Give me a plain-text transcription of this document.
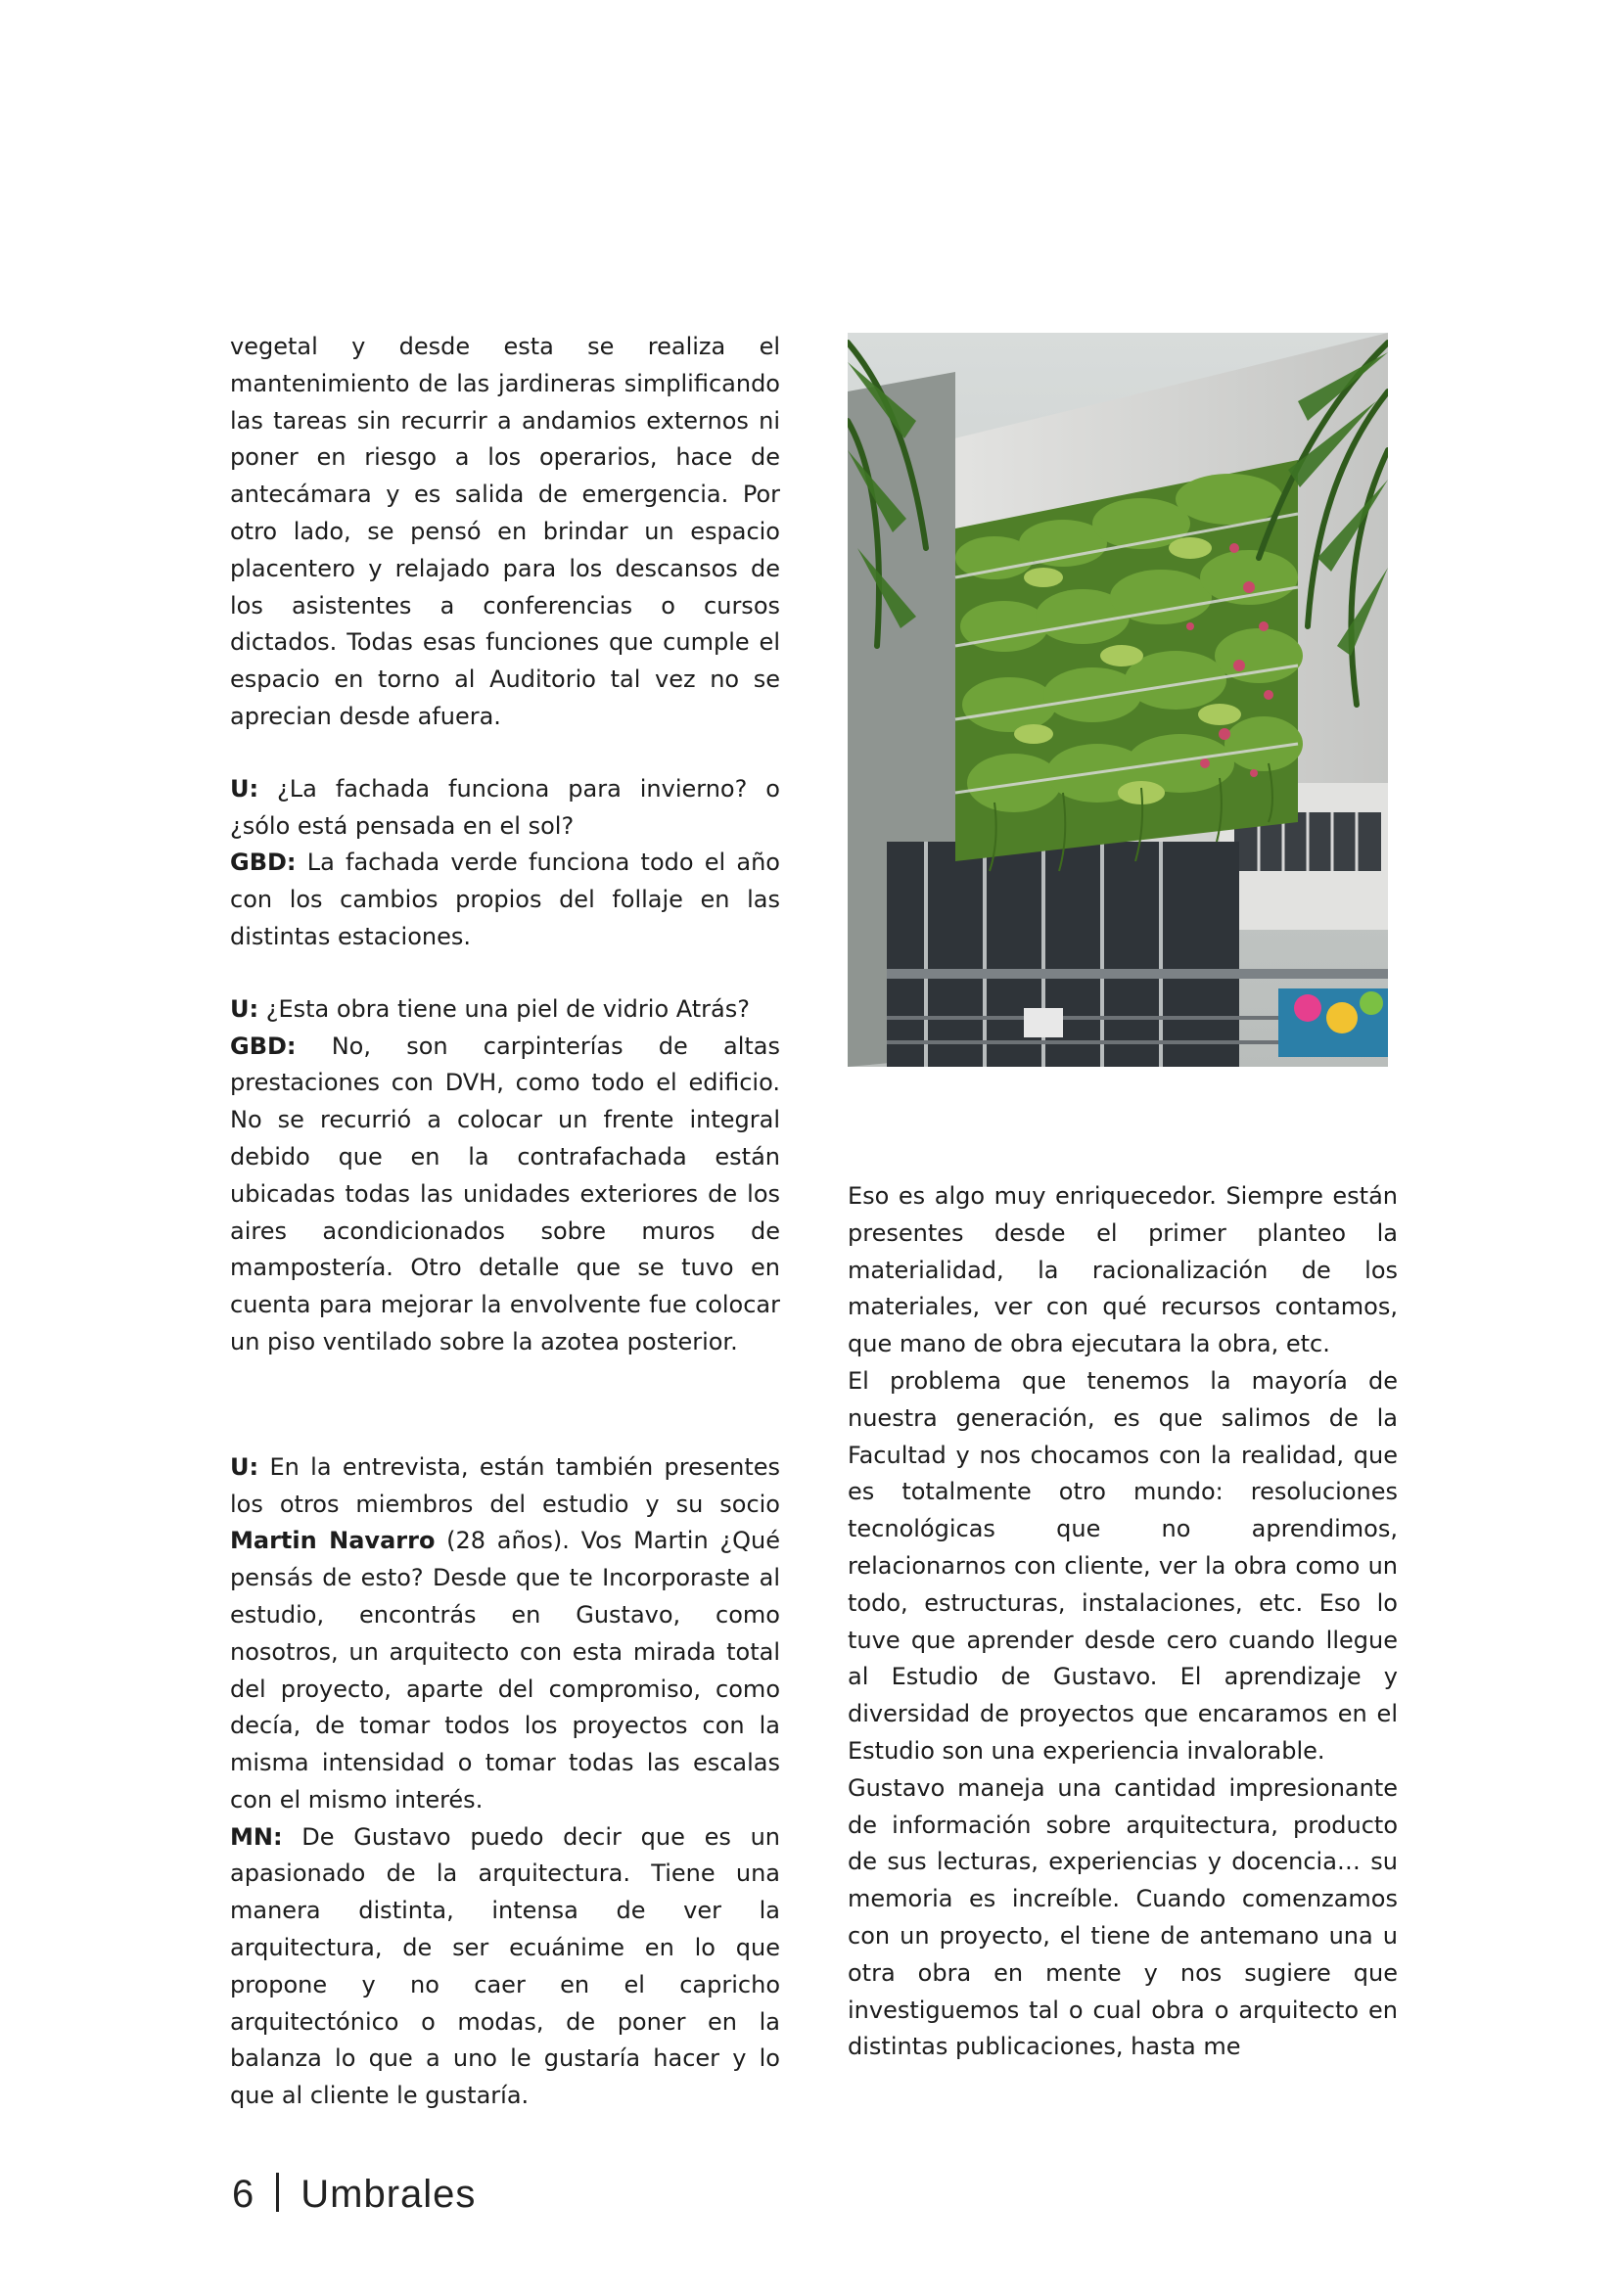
vegetal y desde esta se realiza el mantenimiento de las jardineras simplificando las tareas sin recurrir a andamios externos ni poner en riesgo a los operarios, hace de antecámara y es salida de emergencia. Por otro lado, se pensó en brindar un espacio placentero y relajado para los descansos de los asistentes a conferencias o cursos dictados. Todas esas funciones que cumple el espacio en torno al Auditorio tal vez no se aprecian desde afuera.

U: ¿La fachada funciona para invierno? o ¿sólo está pensada en el sol?

GBD: La fachada verde funciona todo el año con los cambios propios del follaje en las distintas estaciones.

U: ¿Esta obra tiene una piel de vidrio Atrás?

GBD: No, son carpinterías de altas prestaciones con DVH, como todo el edificio. No se recurrió a colocar un frente integral debido que en la contrafachada están ubicadas todas las unidades exteriores de los aires acondicionados sobre muros de mampostería. Otro detalle que se tuvo en cuenta para mejorar la envolvente fue colocar un piso ventilado sobre la azotea posterior.

U: En la entrevista, están también presentes los otros miembros del estudio y su socio Martin Navarro (28 años). Vos Martin ¿Qué pensás de esto? Desde que te Incorporaste al estudio, encontrás en Gustavo, como nosotros, un arquitecto con esta mirada total del proyecto, aparte del compromiso, como decía, de tomar todos los proyectos con la misma intensidad o tomar todas las escalas con el mismo interés.

MN: De Gustavo puedo decir que es un apasionado de la arquitectura. Tiene una manera distinta, intensa de ver la arquitectura, de ser ecuánime en lo que propone y no caer en el capricho arquitectónico o modas, de poner en la balanza lo que a uno le gustaría hacer y lo que al cliente le gustaría.

Eso es algo muy enriquecedor. Siempre están presentes desde el primer planteo la materialidad, la racionalización de los materiales, ver con qué recursos contamos, que mano de obra ejecutara la obra, etc.

El problema que tenemos la mayoría de nuestra generación, es que salimos de la Facultad y nos chocamos con la realidad, que es totalmente otro mundo: resoluciones tecnológicas que no aprendimos, relacionarnos con cliente, ver la obra como un todo, estructuras, instalaciones, etc. Eso lo tuve que aprender desde cero cuando llegue al Estudio de Gustavo. El aprendizaje y diversidad de proyectos que encaramos en el Estudio son una experiencia invalorable.

Gustavo maneja una cantidad impresionante de información sobre arquitectura, producto de sus lecturas, experiencias y docencia… su memoria es increíble. Cuando comenzamos con un proyecto, el tiene de antemano una u otra obra en mente y nos sugiere que investiguemos tal o cual obra o arquitecto en distintas publicaciones, hasta me

6 Umbrales
